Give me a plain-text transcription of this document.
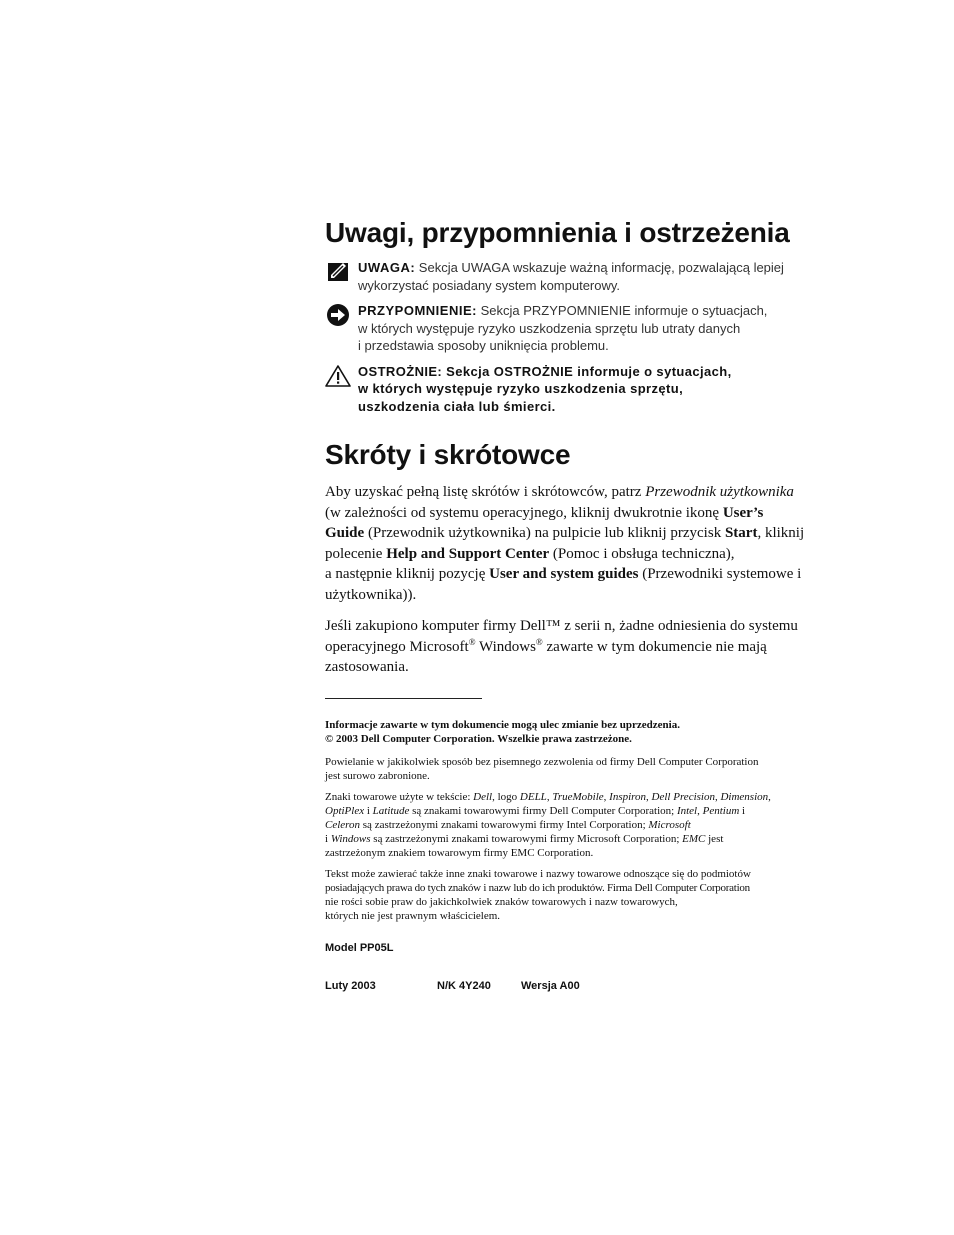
Uwagi, przypomnienia i ostrzeżenia
UWAGA: Sekcja UWAGA wskazuje ważną informację, pozwalającą lepiej
wykorzystać posiadany system komputerowy.
PRZYPOMNIENIE: Sekcja PRZYPOMNIENIE informuje o sytuacjach,
w których występuje ryzyko uszkodzenia sprzętu lub utraty danych
i przedstawia sposoby uniknięcia problemu.
OSTROŻNIE: Sekcja OSTROŻNIE informuje o sytuacjach,
w których występuje ryzyko uszkodzenia sprzętu,
uszkodzenia ciała lub śmierci.
Skróty i skrótowce
Aby uzyskać pełną listę skrótów i skrótowców, patrz Przewodnik użytkownika
(w zależności od systemu operacyjnego, kliknij dwukrotnie ikonę User’s
Guide (Przewodnik użytkownika) na pulpicie lub kliknij przycisk Start, kliknij
polecenie Help and Support Center (Pomoc i obsługa techniczna),
a następnie kliknij pozycję User and system guides (Przewodniki systemowe i
użytkownika)).
Jeśli zakupiono komputer firmy Dell™ z serii n, żadne odniesienia do systemu
operacyjnego Microsoft® Windows® zawarte w tym dokumencie nie mają
zastosowania.
Informacje zawarte w tym dokumencie mogą ulec zmianie bez uprzedzenia.
© 2003 Dell Computer Corporation. Wszelkie prawa zastrzeżone.
Powielanie w jakikolwiek sposób bez pisemnego zezwolenia od firmy Dell Computer Corporation
jest surowo zabronione.
Znaki towarowe użyte w tekście: Dell, logo DELL, TrueMobile, Inspiron, Dell Precision, Dimension,
OptiPlex i Latitude są znakami towarowymi firmy Dell Computer Corporation; Intel, Pentium i
Celeron są zastrzeżonymi znakami towarowymi firmy Intel Corporation; Microsoft
i Windows są zastrzeżonymi znakami towarowymi firmy Microsoft Corporation; EMC jest
zastrzeżonym znakiem towarowym firmy EMC Corporation.
Tekst może zawierać także inne znaki towarowe i nazwy towarowe odnoszące się do podmiotów
posiadających prawa do tych znaków i nazw lub do ich produktów. Firma Dell Computer Corporation
nie rości sobie praw do jakichkolwiek znaków towarowych i nazw towarowych,
których nie jest prawnym właścicielem.
Model PP05L
Luty 2003	N/K 4Y240	Wersja A00
